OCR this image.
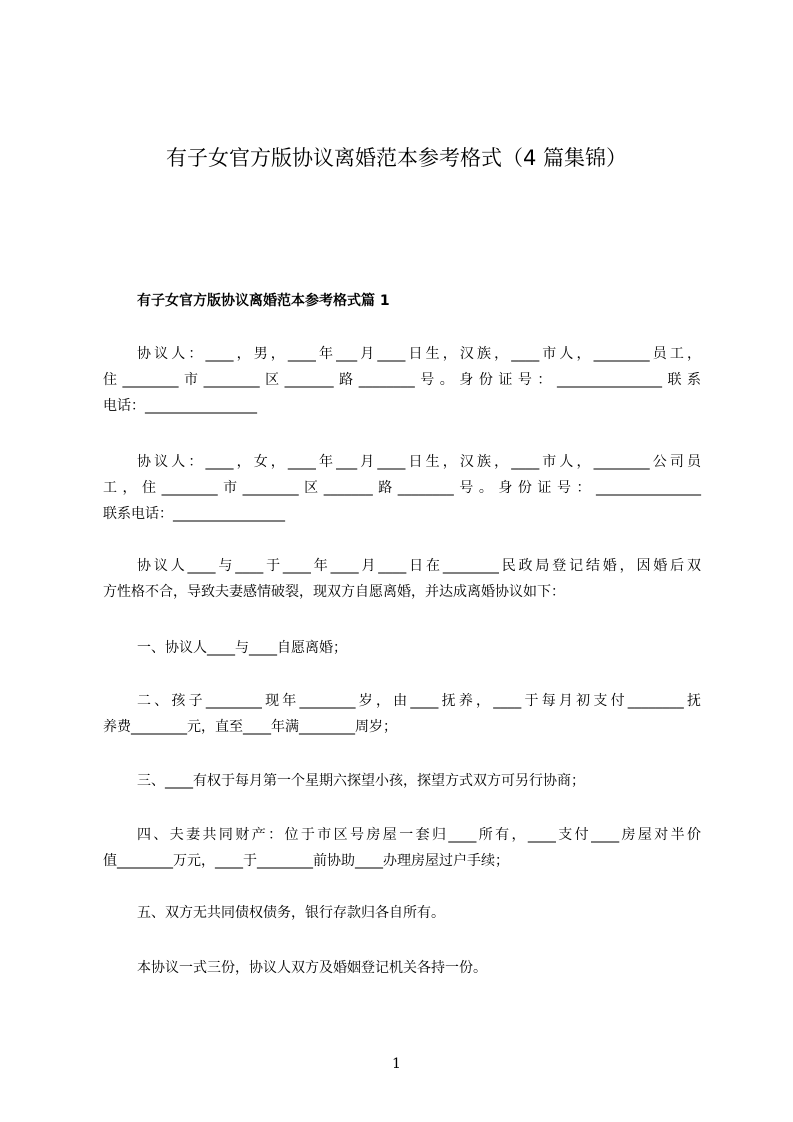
有子女官方版协议离婚范本参考格式（4 篇集锦）
有子女官方版协议离婚范本参考格式篇 1
协议人：____，男，____年___月____日生，汉族，____市人，________员工，
住________市________区_______路________号。身份证号：_______________联系
电话：________________
协议人：____，女，____年___月____日生，汉族，____市人，________公司员
工，住________市________区_______路________号。身份证号：_______________
联系电话：________________
协议人____与____于____年____月____日在________民政局登记结婚，因婚后双
方性格不合，导致夫妻感情破裂，现双方自愿离婚，并达成离婚协议如下：
一、协议人____与____自愿离婚；
二、孩子________现年________岁，由____抚养，____于每月初支付________抚
养费________元，直至____年满________周岁；
三、____有权于每月第一个星期六探望小孩，探望方式双方可另行协商；
四、夫妻共同财产：位于市区号房屋一套归____所有，____支付____房屋对半价
值________万元，____于________前协助____办理房屋过户手续；
五、双方无共同债权债务，银行存款归各自所有。
本协议一式三份，协议人双方及婚姻登记机关各持一份。
1
